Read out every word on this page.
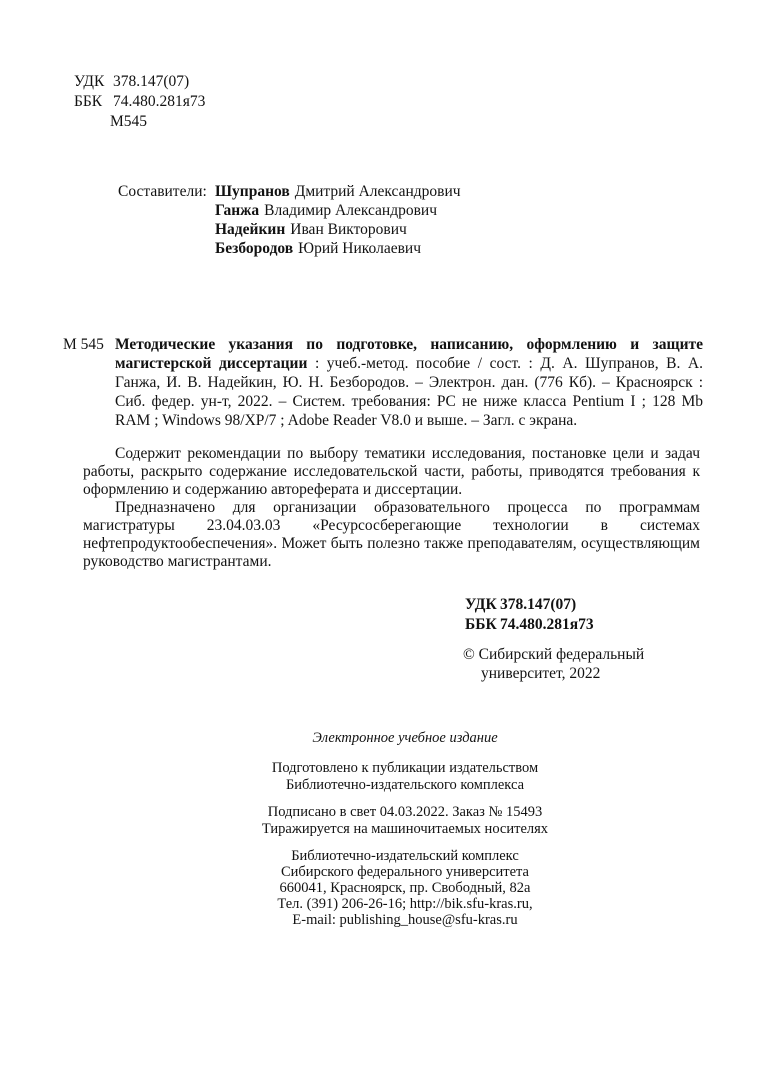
УДК 378.147(07)
ББК 74.480.281я73
М545
Составители: Шупранов Дмитрий Александрович
Ганжа Владимир Александрович
Надейкин Иван Викторович
Безбородов Юрий Николаевич
М 545 Методические указания по подготовке, написанию, оформлению и защите магистерской диссертации : учеб.-метод. пособие / сост. : Д. А. Шупранов, В. А. Ганжа, И. В. Надейкин, Ю. Н. Безбородов. – Электрон. дан. (776 Кб). – Красноярск : Сиб. федер. ун-т, 2022. – Систем. требования: PC не ниже класса Pentium I ; 128 Mb RAM ; Windows 98/XP/7 ; Adobe Reader V8.0 и выше. – Загл. с экрана.

Содержит рекомендации по выбору тематики исследования, постановке цели и задач работы, раскрыто содержание исследовательской части, работы, приводятся требования к оформлению и содержанию автореферата и диссертации.

Предназначено для организации образовательного процесса по программам магистратуры 23.04.03.03 «Ресурсосберегающие технологии в системах нефтепродуктообеспечения». Может быть полезно также преподавателям, осуществляющим руководство магистрантами.

УДК 378.147(07)
ББК 74.480.281я73
© Сибирский федеральный
университет, 2022
Электронное учебное издание
Подготовлено к публикации издательством
Библиотечно-издательского комплекса
Подписано в свет 04.03.2022. Заказ № 15493
Тиражируется на машиночитаемых носителях
Библиотечно-издательский комплекс
Сибирского федерального университета
660041, Красноярск, пр. Свободный, 82а
Тел. (391) 206-26-16; http://bik.sfu-kras.ru,
E-mail: publishing_house@sfu-kras.ru
